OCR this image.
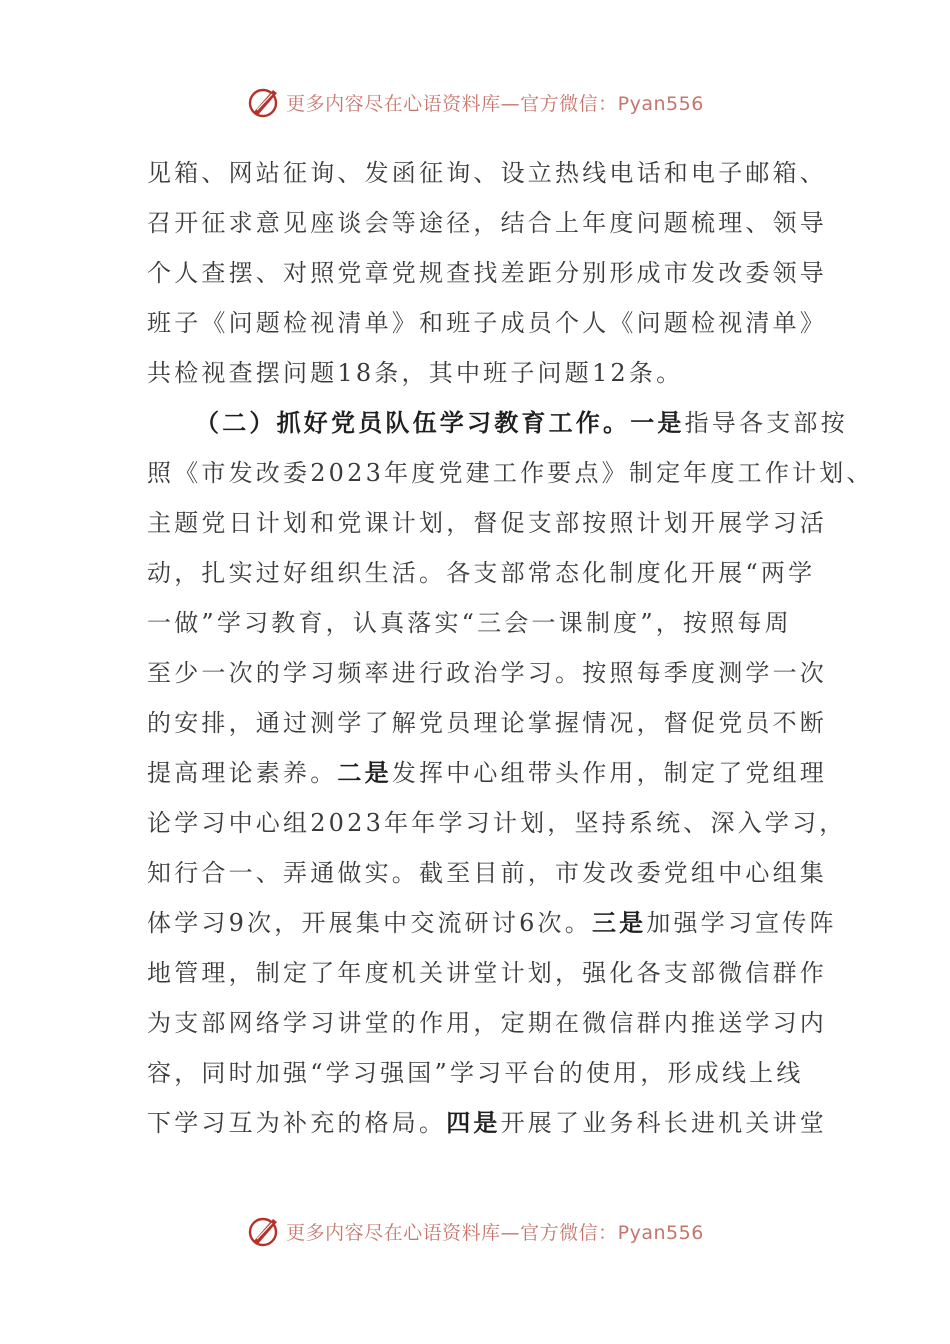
更多内容尽在心语资料库—官方微信：Pyan556
见箱、网站征询、发函征询、设立热线电话和电子邮箱、
召开征求意见座谈会等途径，结合上年度问题梳理、领导
个人查摆、对照党章党规查找差距分别形成市发改委领导
班子《问题检视清单》和班子成员个人《问题检视清单》
共检视查摆问题18条，其中班子问题12条。
（二）抓好党员队伍学习教育工作。一是指导各支部按
照《市发改委2023年度党建工作要点》制定年度工作计划、
主题党日计划和党课计划，督促支部按照计划开展学习活
动，扎实过好组织生活。各支部常态化制度化开展“两学
一做”学习教育，认真落实“三会一课制度”，按照每周
至少一次的学习频率进行政治学习。按照每季度测学一次
的安排，通过测学了解党员理论掌握情况，督促党员不断
提高理论素养。二是发挥中心组带头作用，制定了党组理
论学习中心组2023年年学习计划，坚持系统、深入学习，
知行合一、弄通做实。截至目前，市发改委党组中心组集
体学习9次，开展集中交流研讨6次。三是加强学习宣传阵
地管理，制定了年度机关讲堂计划，强化各支部微信群作
为支部网络学习讲堂的作用，定期在微信群内推送学习内
容，同时加强“学习强国”学习平台的使用，形成线上线
下学习互为补充的格局。四是开展了业务科长进机关讲堂
更多内容尽在心语资料库—官方微信：Pyan556
